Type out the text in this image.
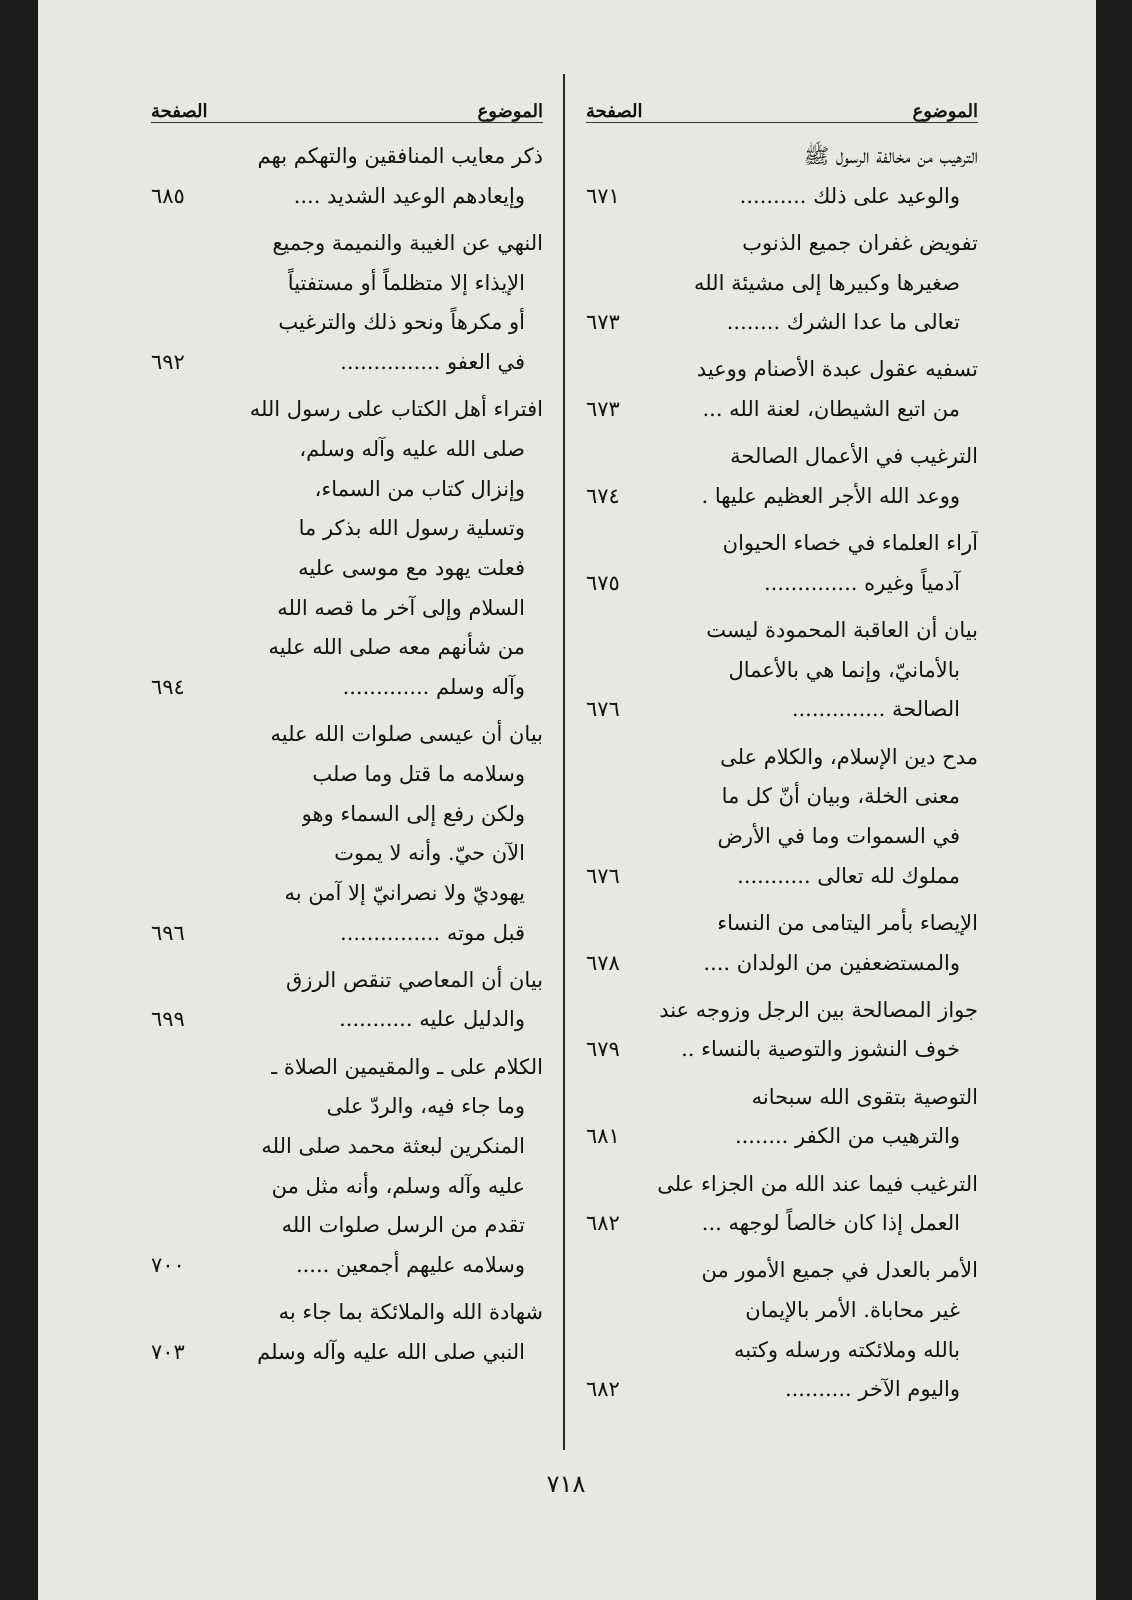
الموضوع
الصفحة
الترهيب من مخالفة الرسول ﷺ
والوعيد على ذلك ..........
٦٧١
تفويض غفران جميع الذنوب
صغيرها وكبيرها إلى مشيئة الله
تعالى ما عدا الشرك ........
٦٧٣
تسفيه عقول عبدة الأصنام ووعيد
من اتبع الشيطان، لعنة الله ...
٦٧٣
الترغيب في الأعمال الصالحة
ووعد الله الأجر العظيم عليها .
٦٧٤
آراء العلماء في خصاء الحيوان
آدمياً وغيره ..............
٦٧٥
بيان أن العاقبة المحمودة ليست
بالأمانيّ، وإنما هي بالأعمال
الصالحة ..............
٦٧٦
مدح دين الإسلام، والكلام على
معنى الخلة، وبيان أنّ كل ما
في السموات وما في الأرض
مملوك لله تعالى ...........
٦٧٦
الإيصاء بأمر اليتامى من النساء
والمستضعفين من الولدان ....
٦٧٨
جواز المصالحة بين الرجل وزوجه عند
خوف النشوز والتوصية بالنساء ..
٦٧٩
التوصية بتقوى الله سبحانه
والترهيب من الكفر ........
٦٨١
الترغيب فيما عند الله من الجزاء على
العمل إذا كان خالصاً لوجهه ...
٦٨٢
الأمر بالعدل في جميع الأمور من
غير محاباة. الأمر بالإيمان
بالله وملائكته ورسله وكتبه
واليوم الآخر ..........
٦٨٢
الموضوع
الصفحة
ذكر معايب المنافقين والتهكم بهم
وإيعادهم الوعيد الشديد ....
٦٨٥
النهي عن الغيبة والنميمة وجميع
الإيذاء إلا متظلماً أو مستفتياً
أو مكرهاً ونحو ذلك والترغيب
في العفو ...............
٦٩٢
افتراء أهل الكتاب على رسول الله
صلى الله عليه وآله وسلم،
وإنزال كتاب من السماء،
وتسلية رسول الله بذكر ما
فعلت يهود مع موسى عليه
السلام وإلى آخر ما قصه الله
من شأنهم معه صلى الله عليه
وآله وسلم .............
٦٩٤
بيان أن عيسى صلوات الله عليه
وسلامه ما قتل وما صلب
ولكن رفع إلى السماء وهو
الآن حيّ. وأنه لا يموت
يهوديّ ولا نصرانيّ إلا آمن به
قبل موته ...............
٦٩٦
بيان أن المعاصي تنقص الرزق
والدليل عليه ...........
٦٩٩
الكلام على ـ والمقيمين الصلاة ـ
وما جاء فيه، والردّ على
المنكرين لبعثة محمد صلى الله
عليه وآله وسلم، وأنه مثل من
تقدم من الرسل صلوات الله
وسلامه عليهم أجمعين .....
٧٠٠
شهادة الله والملائكة بما جاء به
النبي صلى الله عليه وآله وسلم
٧٠٣
٧١٨
